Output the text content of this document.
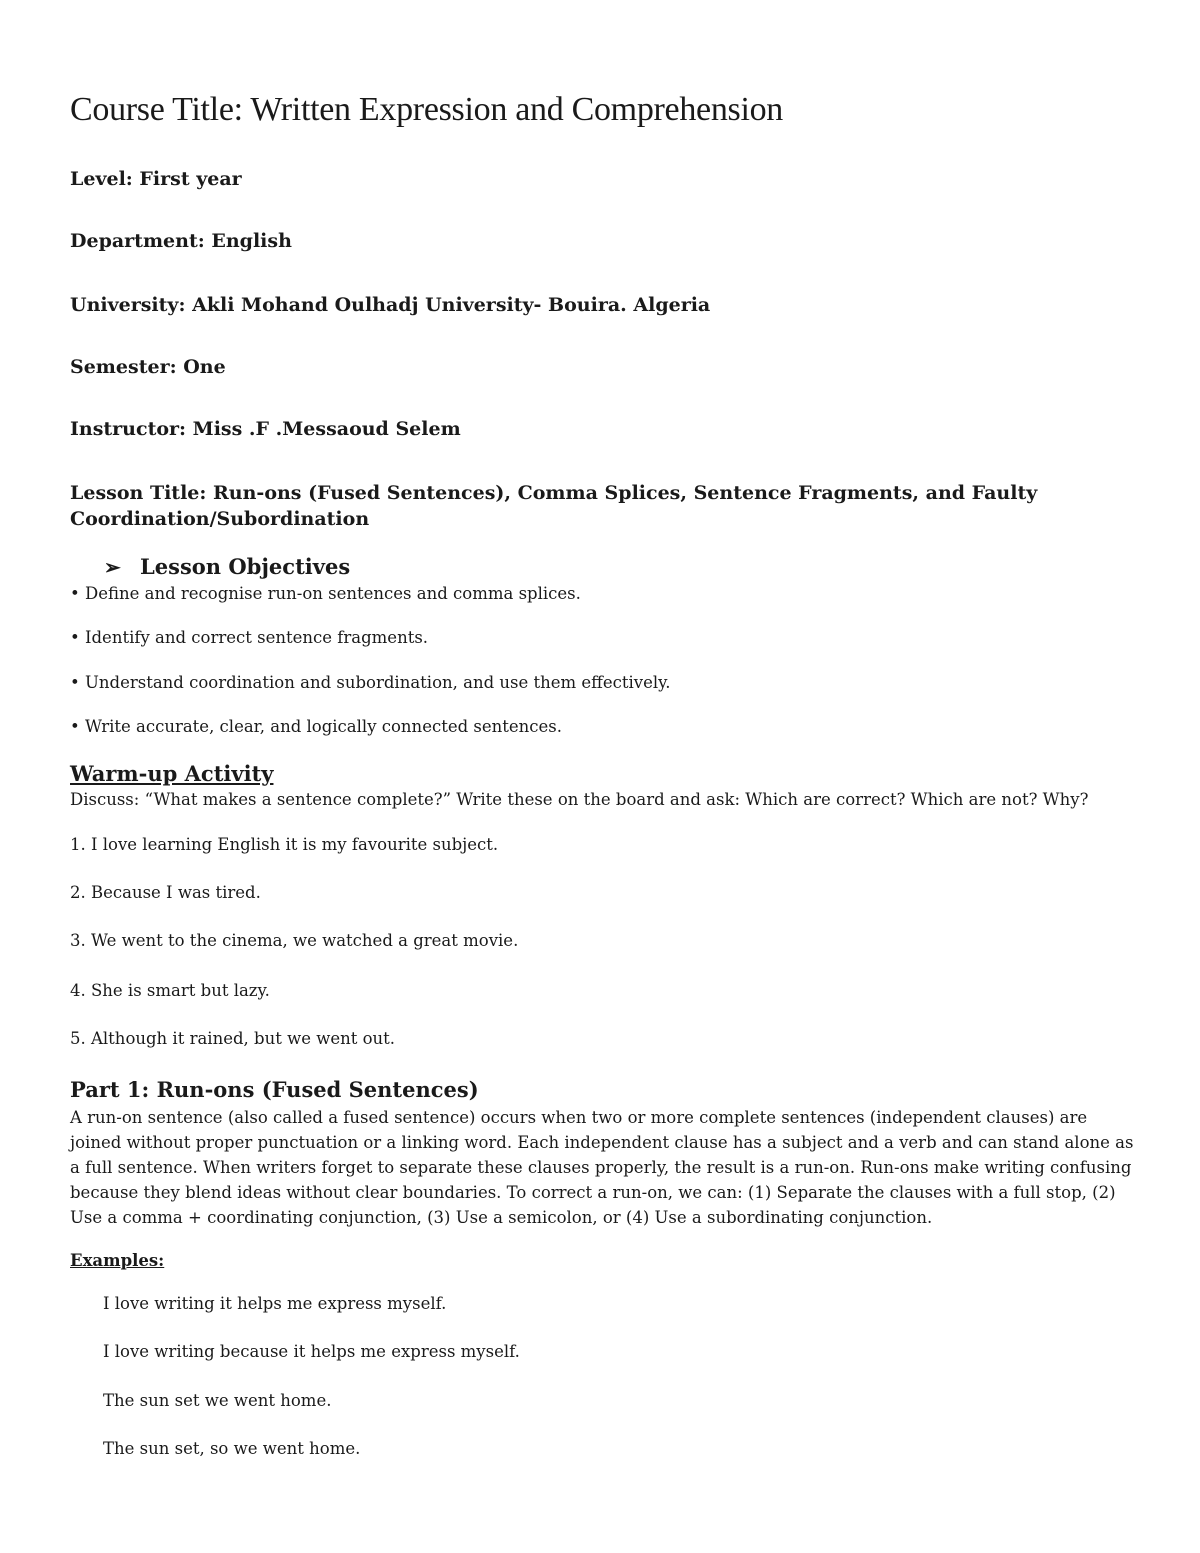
Course Title: Written Expression and Comprehension

Level: First year

Department: English

University: Akli Mohand Oulhadj University- Bouira. Algeria

Semester: One

Instructor: Miss .F .Messaoud Selem

Lesson Title: Run-ons (Fused Sentences), Comma Splices, Sentence Fragments, and Faulty Coordination/Subordination

➢ Lesson Objectives

• Define and recognise run-on sentences and comma splices.

• Identify and correct sentence fragments.

• Understand coordination and subordination, and use them effectively.

• Write accurate, clear, and logically connected sentences.

Warm-up Activity

Discuss: “What makes a sentence complete?” Write these on the board and ask: Which are correct? Which are not? Why?

1. I love learning English it is my favourite subject.

2. Because I was tired.

3. We went to the cinema, we watched a great movie.

4. She is smart but lazy.

5. Although it rained, but we went out.

Part 1: Run-ons (Fused Sentences)

A run-on sentence (also called a fused sentence) occurs when two or more complete sentences (independent clauses) are joined without proper punctuation or a linking word. Each independent clause has a subject and a verb and can stand alone as a full sentence. When writers forget to separate these clauses properly, the result is a run-on. Run-ons make writing confusing because they blend ideas without clear boundaries. To correct a run-on, we can: (1) Separate the clauses with a full stop, (2) Use a comma + coordinating conjunction, (3) Use a semicolon, or (4) Use a subordinating conjunction.

Examples:

I love writing it helps me express myself.

I love writing because it helps me express myself.

The sun set we went home.

The sun set, so we went home.
